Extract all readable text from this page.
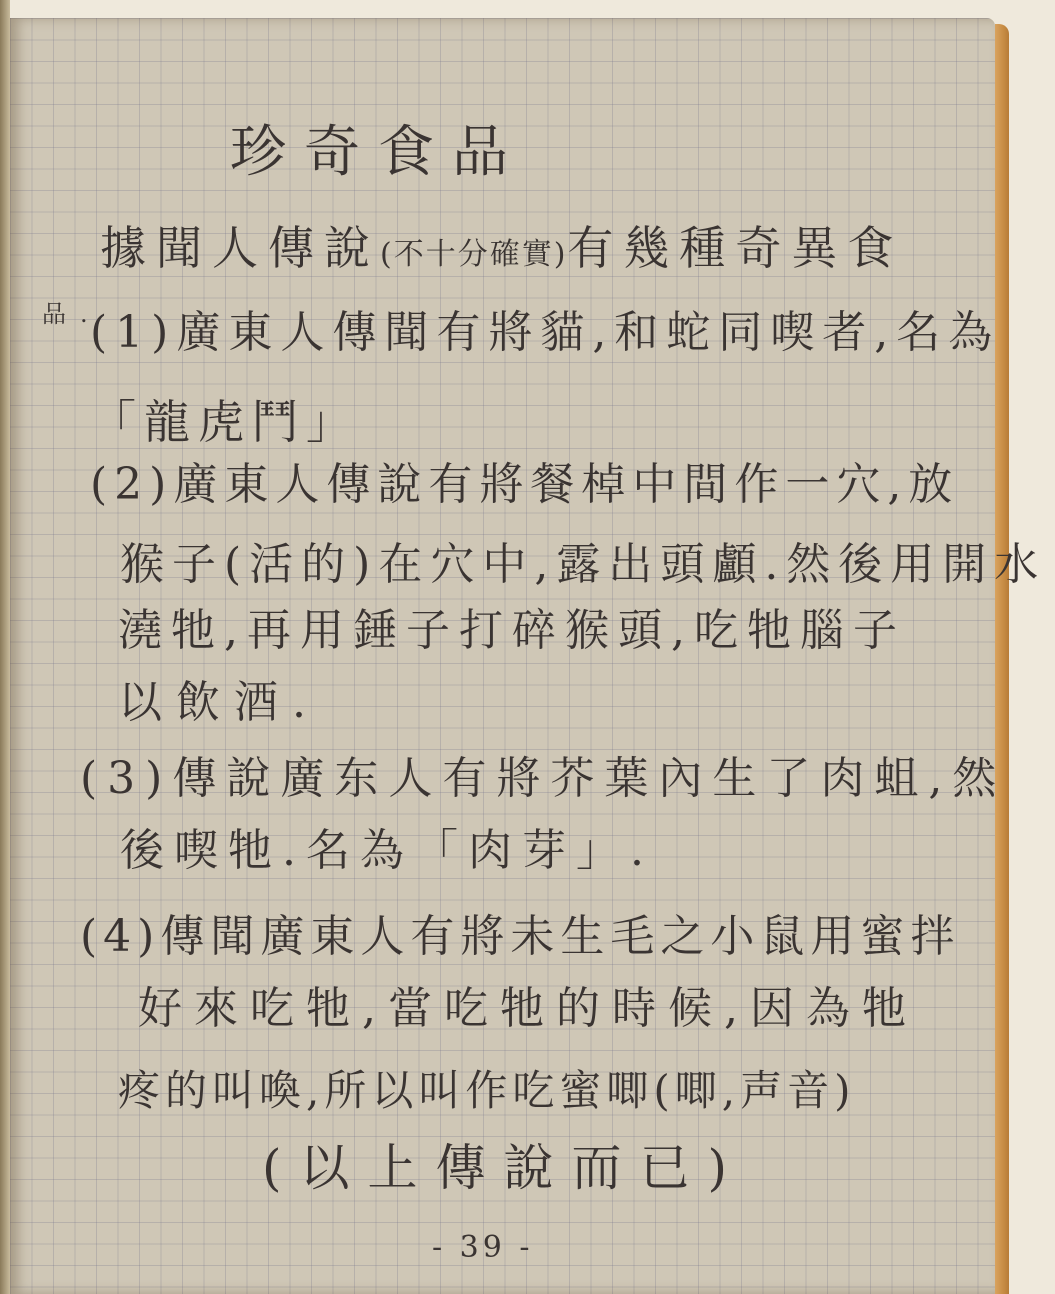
珍奇食品
據聞人傳說(不十分確實)有幾種奇異食
品.
(1)廣東人傳聞有將貓,和蛇同喫者,名為
「龍虎鬥」
(2)廣東人傳說有將餐棹中間作一穴,放
猴子(活的)在穴中,露出頭顱.然後用開水
澆牠,再用錘子打碎猴頭,吃牠腦子
以飲酒.
(3)傳說廣东人有將芥葉內生了肉蛆,然
後喫牠.名為「肉芽」.
(4)傳聞廣東人有將未生毛之小鼠用蜜拌
好來吃牠,當吃牠的時候,因為牠
疼的叫喚,所以叫作吃蜜唧(唧,声音)
(以上傳說而已)
- 39 -
